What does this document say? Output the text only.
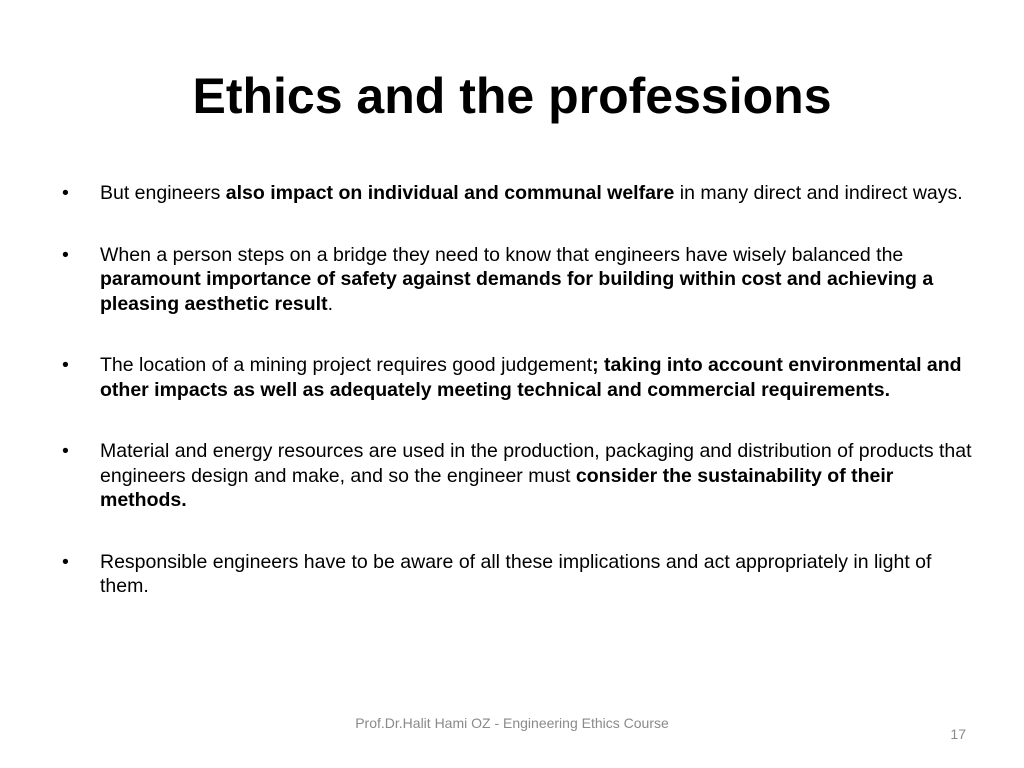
Ethics and the professions
• But engineers also impact on individual and communal welfare in many direct and indirect ways.
• When a person steps on a bridge they need to know that engineers have wisely balanced the paramount importance of safety against demands for building within cost and achieving a pleasing aesthetic result.
• The location of a mining project requires good judgement; taking into account environmental and other impacts as well as adequately meeting technical and commercial requirements.
• Material and energy resources are used in the production, packaging and distribution of products that engineers design and make, and so the engineer must consider the sustainability of their methods.
• Responsible engineers have to be aware of all these implications and act appropriately in light of them.
Prof.Dr.Halit Hami OZ - Engineering Ethics Course
17
